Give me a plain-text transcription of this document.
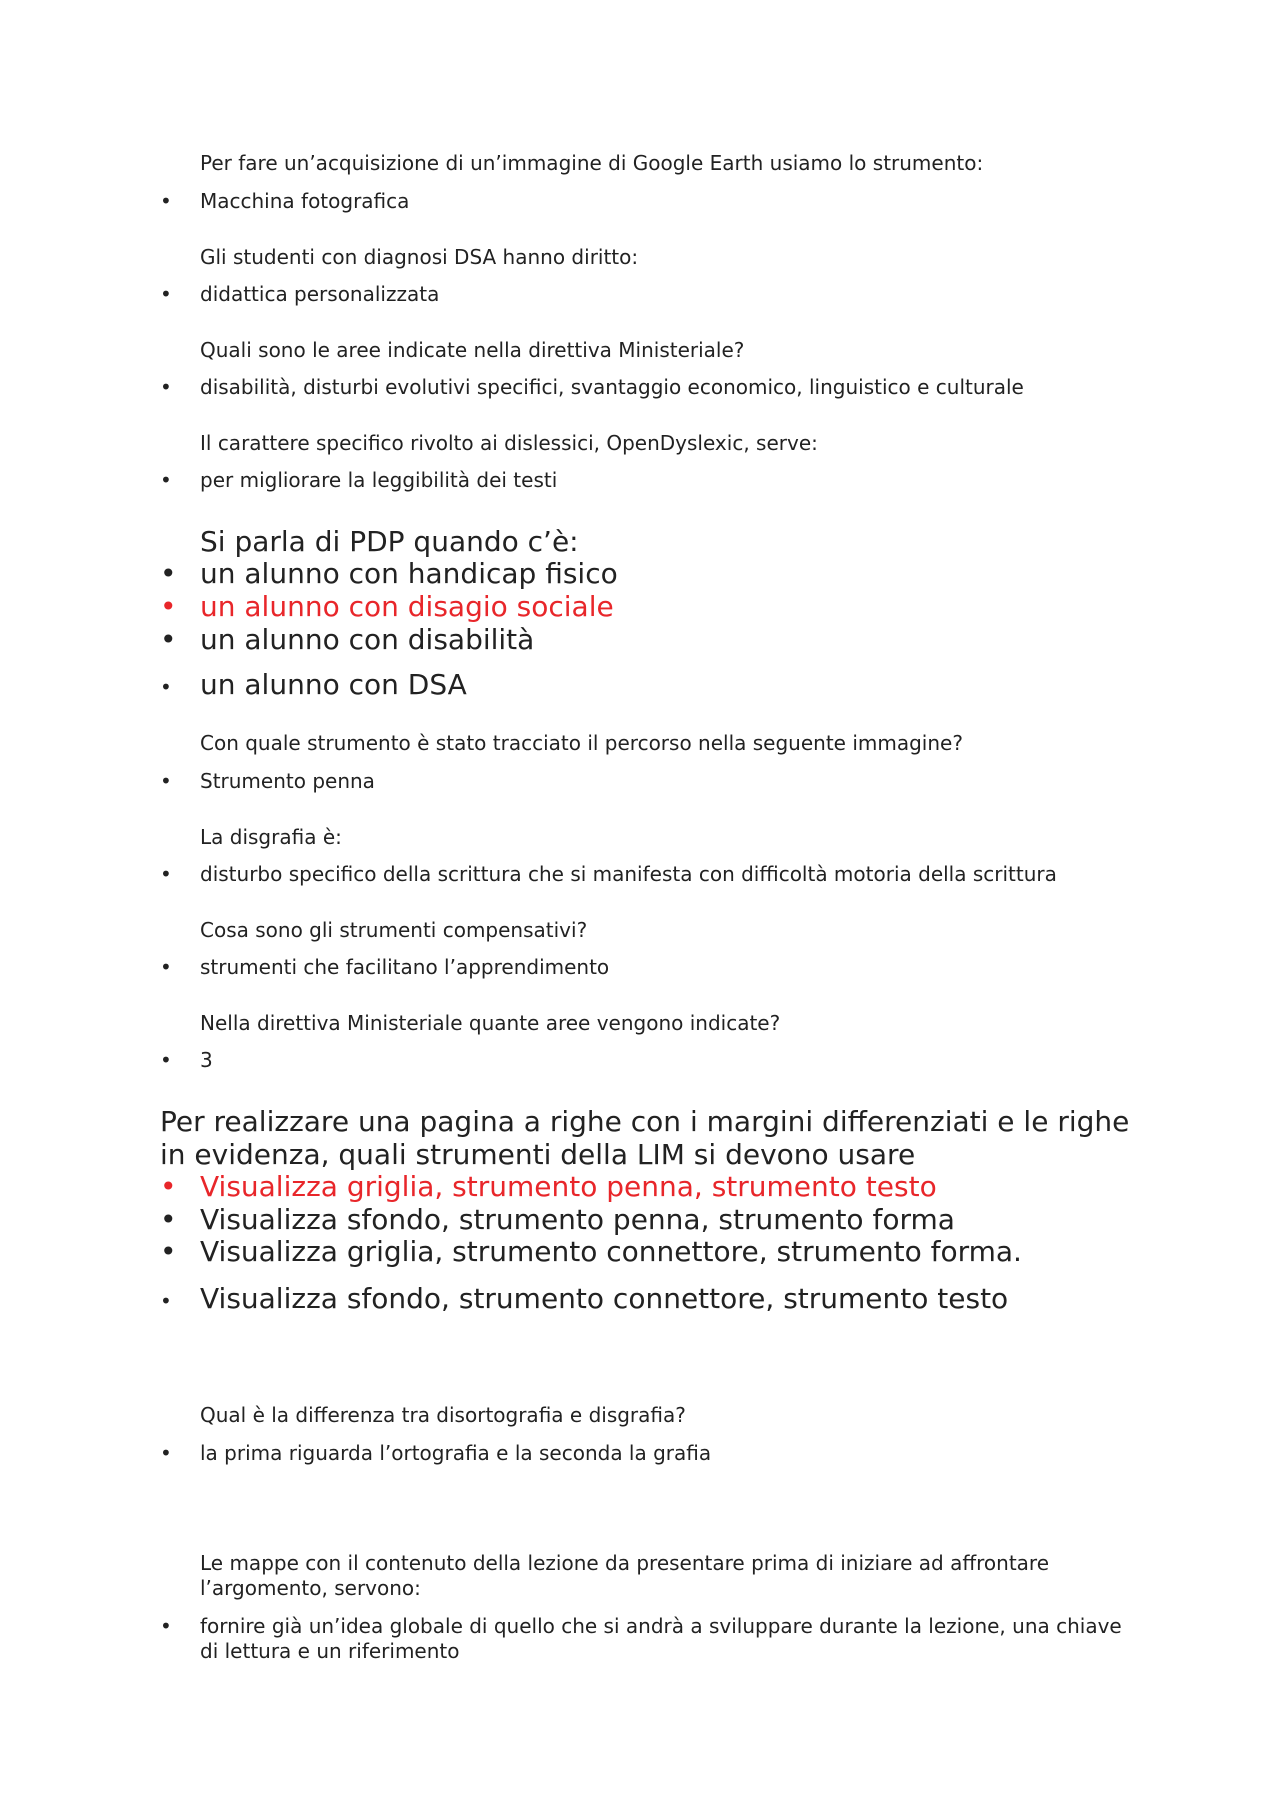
Per fare un’acquisizione di un’immagine di Google Earth usiamo lo strumento:
• Macchina fotografica
Gli studenti con diagnosi DSA hanno diritto:
• didattica personalizzata
Quali sono le aree indicate nella direttiva Ministeriale?
• disabilità, disturbi evolutivi specifici, svantaggio economico, linguistico e culturale
Il carattere specifico rivolto ai dislessici, OpenDyslexic, serve:
• per migliorare la leggibilità dei testi
Si parla di PDP quando c’è:
• un alunno con handicap fisico
• un alunno con disagio sociale
• un alunno con disabilità
• un alunno con DSA
Con quale strumento è stato tracciato il percorso nella seguente immagine?
• Strumento penna
La disgrafia è:
• disturbo specifico della scrittura che si manifesta con difficoltà motoria della scrittura
Cosa sono gli strumenti compensativi?
• strumenti che facilitano l’apprendimento
Nella direttiva Ministeriale quante aree vengono indicate?
• 3
Per realizzare una pagina a righe con i margini differenziati e le righe in evidenza, quali strumenti della LIM si devono usare
• Visualizza griglia, strumento penna, strumento testo
• Visualizza sfondo, strumento penna, strumento forma
• Visualizza griglia, strumento connettore, strumento forma.
• Visualizza sfondo, strumento connettore, strumento testo
Qual è la differenza tra disortografia e disgrafia?
• la prima riguarda l’ortografia e la seconda la grafia
Le mappe con il contenuto della lezione da presentare prima di iniziare ad affrontare l’argomento, servono:
• fornire già un’idea globale di quello che si andrà a sviluppare durante la lezione, una chiave di lettura e un riferimento
